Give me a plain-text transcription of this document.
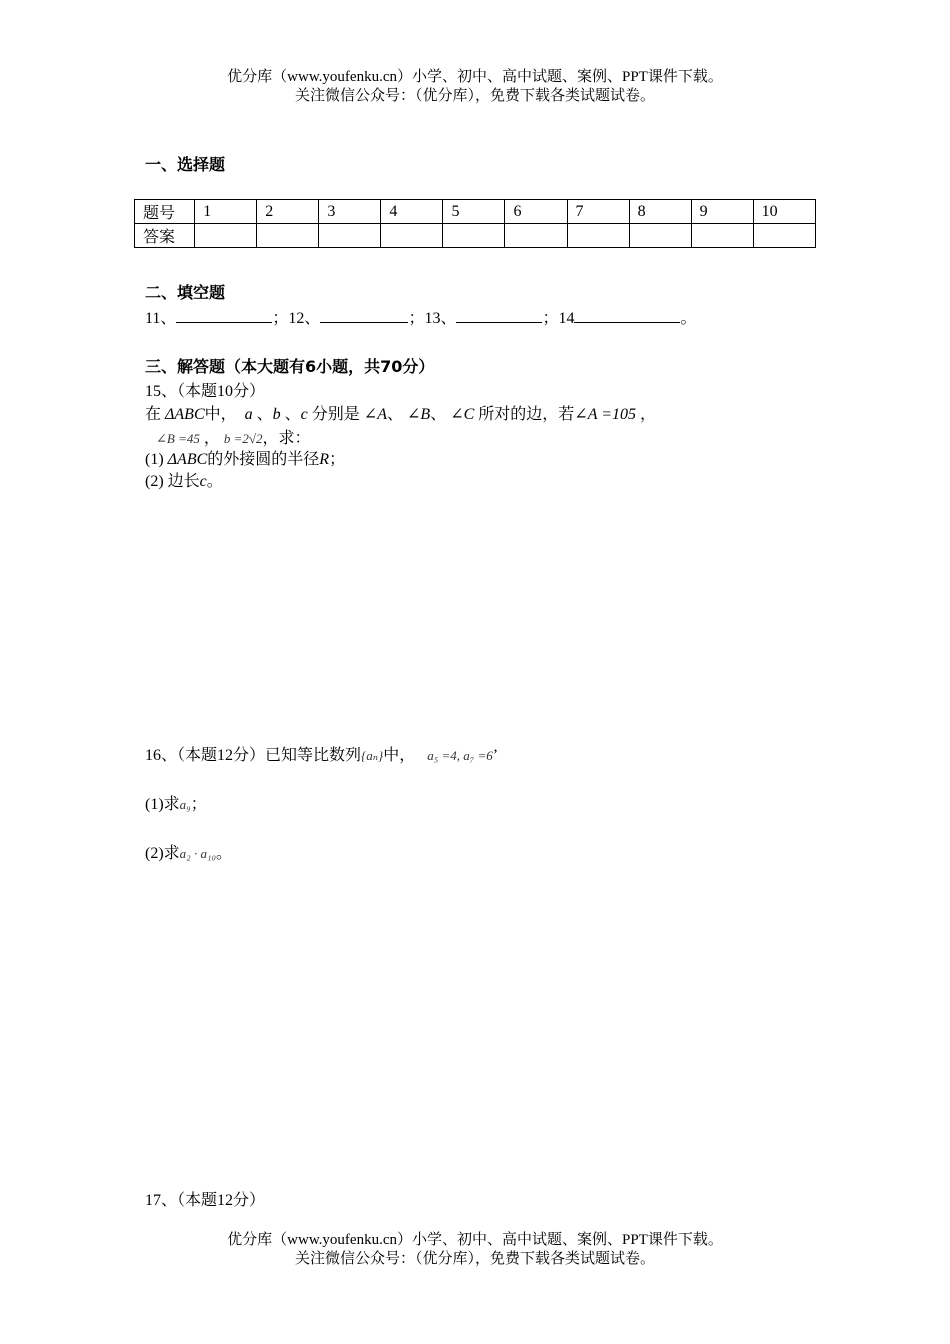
优分库（www.youfenku.cn）小学、初中、高中试题、案例、PPT课件下载。
关注微信公众号：（优分库），免费下载各类试题试卷。
一、选择题
题号	1	2	3	4	5	6	7	8	9	10
答案										
二、填空题
11、	；12、	；13、	；14	。
三、解答题（本大题有6小题，共70分）
15、（本题10分）
在 ΔABC中， a 、b 、c 分别是 ∠A、 ∠B、 ∠C 所对的边，若∠A =105 ，
∠B =45 ， b =2√2，求：
(1) ΔABC的外接圆的半径R；
(2) 边长c。
16、（本题12分）已知等比数列{aₙ}中， a₅ =4, a₇ =6’
(1)求a₉；
(2)求a₂ · a₁₀。
17、（本题12分）
优分库（www.youfenku.cn）小学、初中、高中试题、案例、PPT课件下载。
关注微信公众号：（优分库），免费下载各类试题试卷。
